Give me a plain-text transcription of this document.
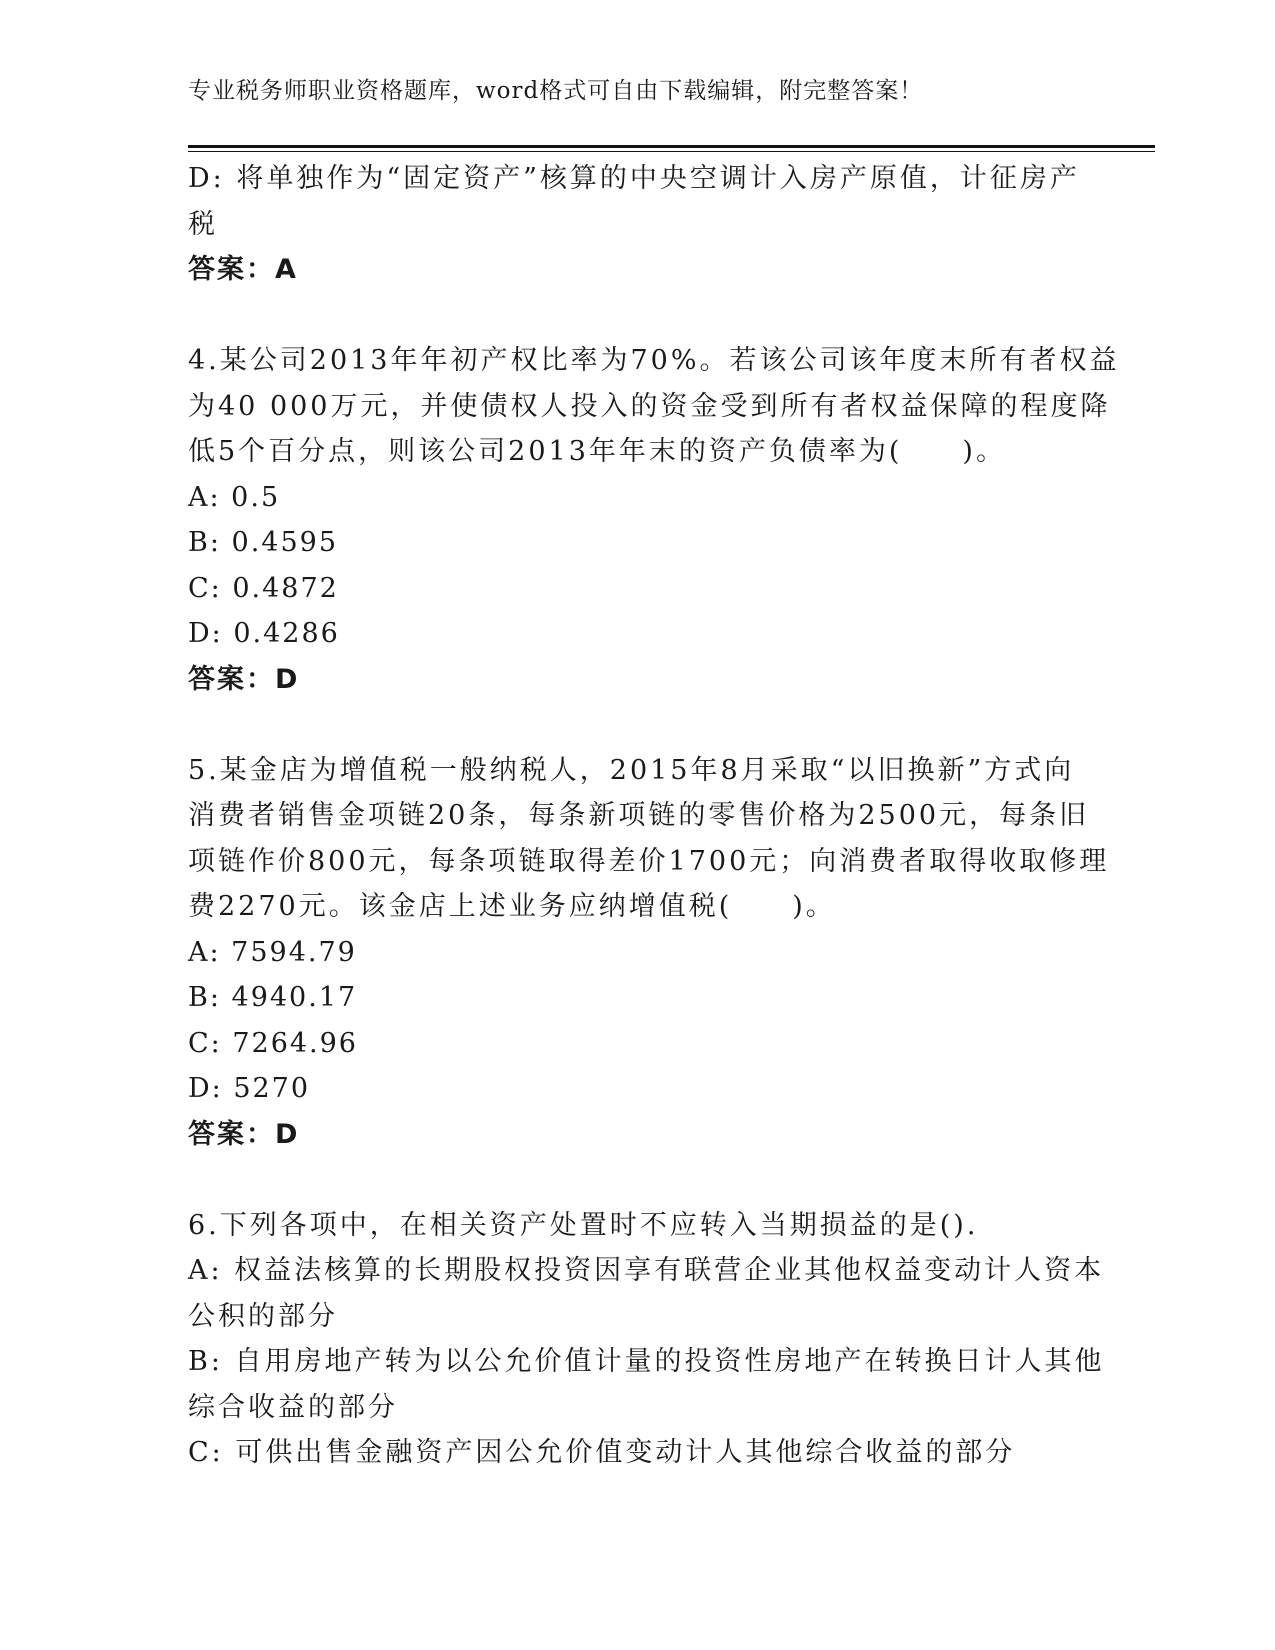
专业税务师职业资格题库，word格式可自由下载编辑，附完整答案！

D: 将单独作为“固定资产”核算的中央空调计入房产原值，计征房产

税

答案：A

4.某公司2013年年初产权比率为70%。若该公司该年度末所有者权益

为40 000万元，并使债权人投入的资金受到所有者权益保障的程度降

低5个百分点，则该公司2013年年末的资产负债率为(　　)。

A: 0.5

B: 0.4595

C: 0.4872

D: 0.4286

答案：D

5.某金店为增值税一般纳税人，2015年8月采取“以旧换新”方式向

消费者销售金项链20条，每条新项链的零售价格为2500元，每条旧

项链作价800元，每条项链取得差价1700元；向消费者取得收取修理

费2270元。该金店上述业务应纳增值税(　　)。

A: 7594.79

B: 4940.17

C: 7264.96

D: 5270

答案：D

6.下列各项中，在相关资产处置时不应转入当期损益的是().

A: 权益法核算的长期股权投资因享有联营企业其他权益变动计人资本

公积的部分

B: 自用房地产转为以公允价值计量的投资性房地产在转换日计人其他

综合收益的部分

C: 可供出售金融资产因公允价值变动计人其他综合收益的部分
